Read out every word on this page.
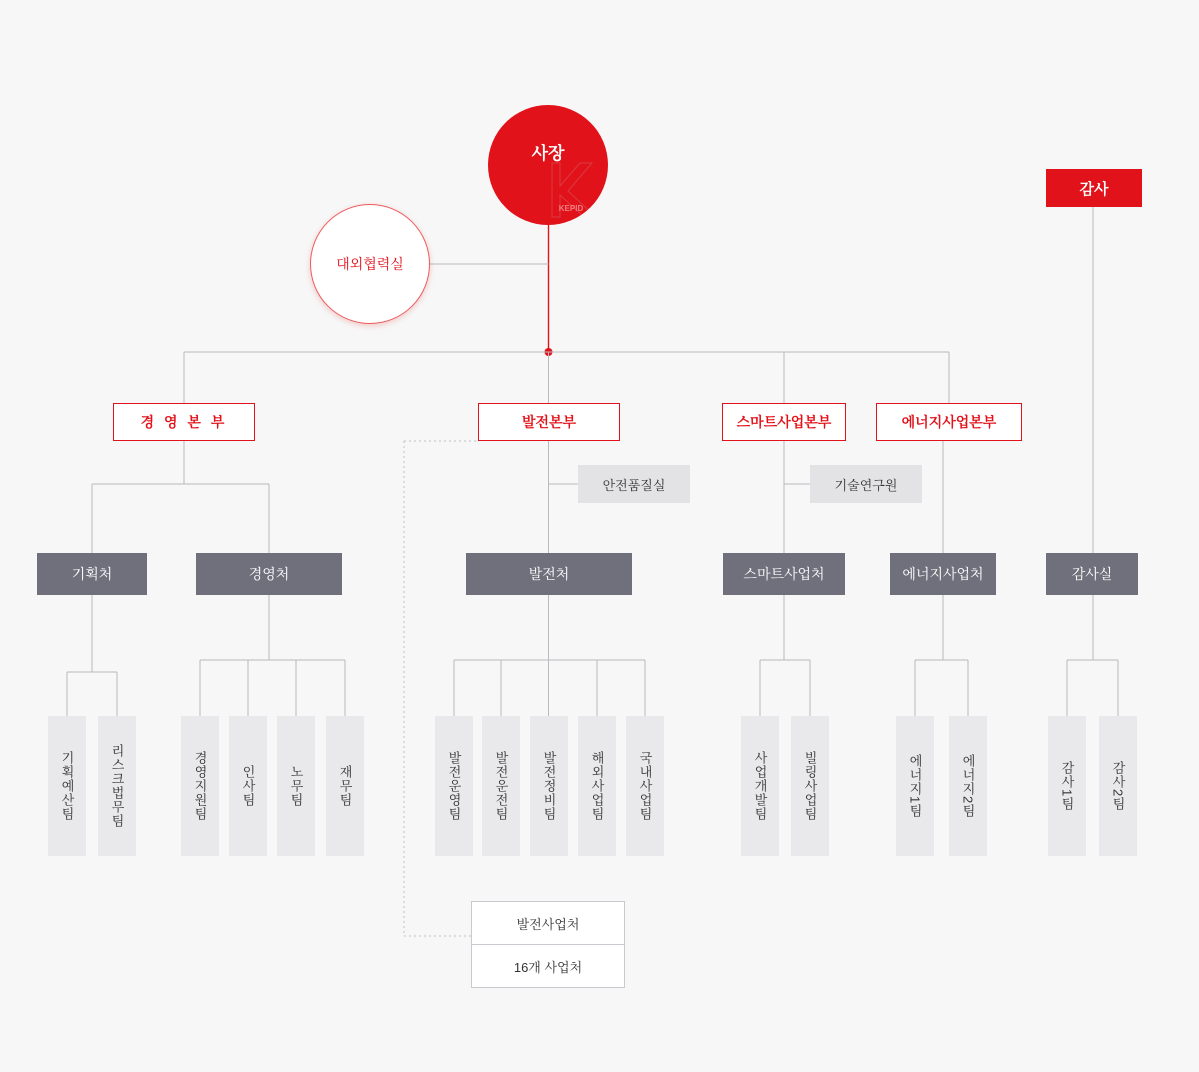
사장
KEPID
대외협력실
감사
경 영 본 부	발전본부	스마트사업본부	에너지사업본부
안전품질실	기술연구원
기획처	경영처	발전처	스마트사업처	에너지사업처	감사실
기획예산팀	리스크법무팀	경영지원팀	인사팀	노무팀	재무팀	발전운영팀 발전운전팀	발전정비팀	해외사업팀	국내사업팀	사업개발팀	빌링사업팀	에너지1팀	에너지2팀	감사1팀	감사2팀
발전사업처
16개 사업처
